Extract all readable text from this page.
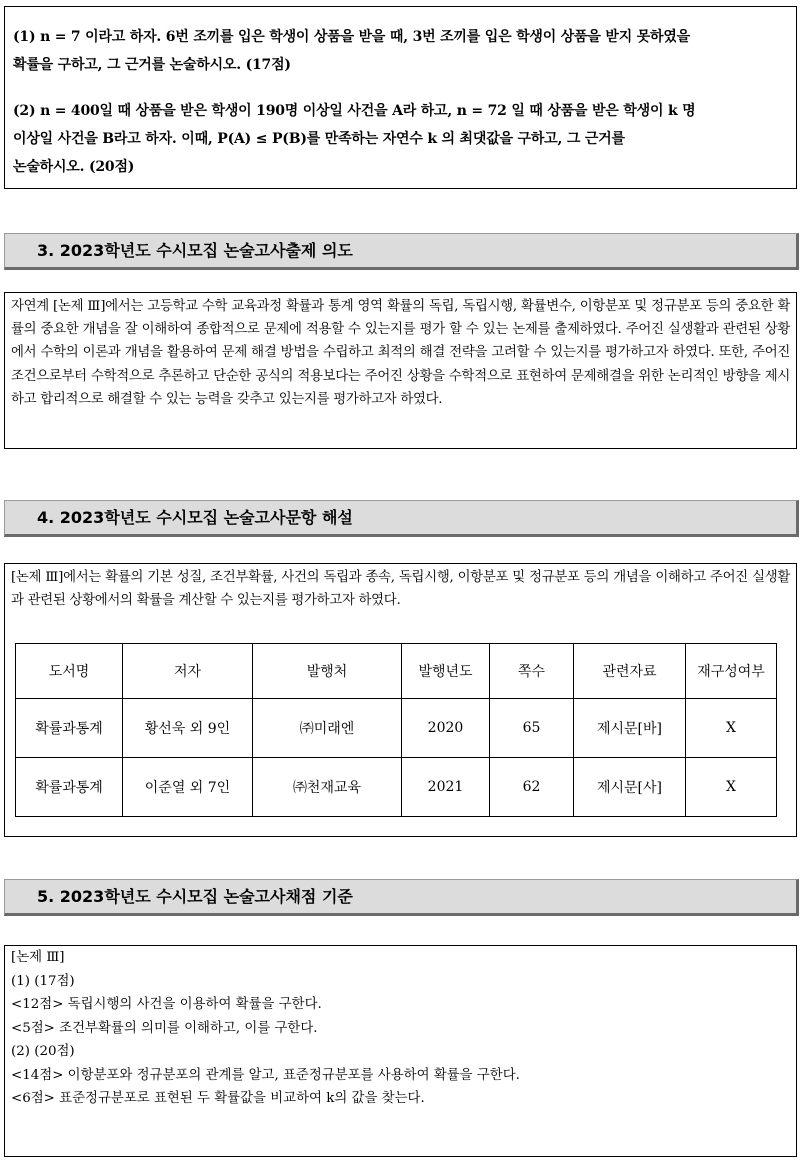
(1) n = 7 이라고 하자. 6번 조끼를 입은 학생이 상품을 받을 때, 3번 조끼를 입은 학생이 상품을 받지 못하였을
확률을 구하고, 그 근거를 논술하시오. (17점)
(2) n = 400일 때 상품을 받은 학생이 190명 이상일 사건을 A라 하고, n = 72 일 때 상품을 받은 학생이 k 명
이상일 사건을 B라고 하자. 이때, P(A) ≤ P(B)를 만족하는 자연수 k 의 최댓값을 구하고, 그 근거를
논술하시오. (20점)
3. 2023학년도 수시모집 논술고사출제 의도
자연계 [논제 Ⅲ]에서는 고등학교 수학 교육과정 확률과 통계 영역 확률의 독립, 독립시행, 확률변수, 이항분포 및 정규분포 등의 중요한 확률의 중요한 개념을 잘 이해하여 종합적으로 문제에 적용할 수 있는지를 평가 할 수 있는 논제를 출제하였다. 주어진 실생활과 관련된 상황에서 수학의 이론과 개념을 활용하여 문제 해결 방법을 수립하고 최적의 해결 전략을 고려할 수 있는지를 평가하고자 하였다. 또한, 주어진 조건으로부터 수학적으로 추론하고 단순한 공식의 적용보다는 주어진 상황을 수학적으로 표현하여 문제해결을 위한 논리적인 방향을 제시하고 합리적으로 해결할 수 있는 능력을 갖추고 있는지를 평가하고자 하였다.
4. 2023학년도 수시모집 논술고사문항 해설
[논제 Ⅲ]에서는 확률의 기본 성질, 조건부확률, 사건의 독립과 종속, 독립시행, 이항분포 및 정규분포 등의 개념을 이해하고 주어진 실생활과 관련된 상황에서의 확률을 계산할 수 있는지를 평가하고자 하였다.
도서명	저자	발행처	발행년도	쪽수	관련자료	재구성여부
확률과통계	황선욱 외 9인	㈜미래엔	2020	65	제시문[바]	X
확률과통계	이준열 외 7인	㈜천재교육	2021	62	제시문[사]	X
5. 2023학년도 수시모집 논술고사채점 기준
[논제 Ⅲ]
(1) (17점)
<12점> 독립시행의 사건을 이용하여 확률을 구한다.
<5점> 조건부확률의 의미를 이해하고, 이를 구한다.
(2) (20점)
<14점> 이항분포와 정규분포의 관계를 알고, 표준정규분포를 사용하여 확률을 구한다.
<6점> 표준정규분포로 표현된 두 확률값을 비교하여 k의 값을 찾는다.
